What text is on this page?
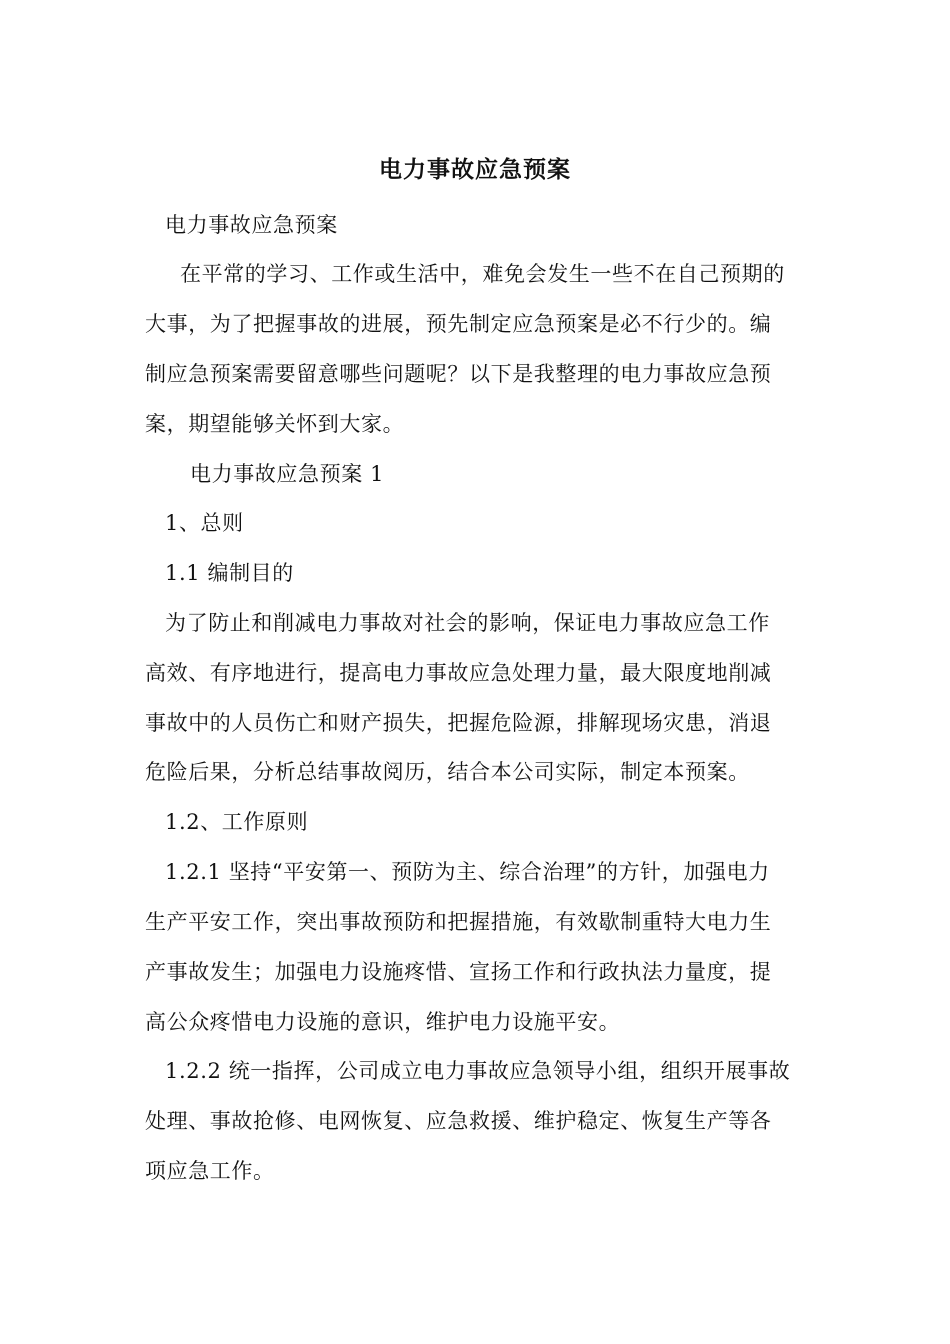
电力事故应急预案
电力事故应急预案
在平常的学习、工作或生活中，难免会发生一些不在自己预期的
大事，为了把握事故的进展，预先制定应急预案是必不行少的。编
制应急预案需要留意哪些问题呢？以下是我整理的电力事故应急预
案，期望能够关怀到大家。
电力事故应急预案 1
1、总则
1.1 编制目的
为了防止和削减电力事故对社会的影响，保证电力事故应急工作
高效、有序地进行，提高电力事故应急处理力量，最大限度地削减
事故中的人员伤亡和财产损失，把握危险源，排解现场灾患，消退
危险后果，分析总结事故阅历，结合本公司实际，制定本预案。
1.2、工作原则
1.2.1 坚持“平安第一、预防为主、综合治理”的方针，加强电力
生产平安工作，突出事故预防和把握措施，有效歇制重特大电力生
产事故发生；加强电力设施疼惜、宣扬工作和行政执法力量度，提
高公众疼惜电力设施的意识，维护电力设施平安。
1.2.2 统一指挥，公司成立电力事故应急领导小组，组织开展事故
处理、事故抢修、电网恢复、应急救援、维护稳定、恢复生产等各
项应急工作。
